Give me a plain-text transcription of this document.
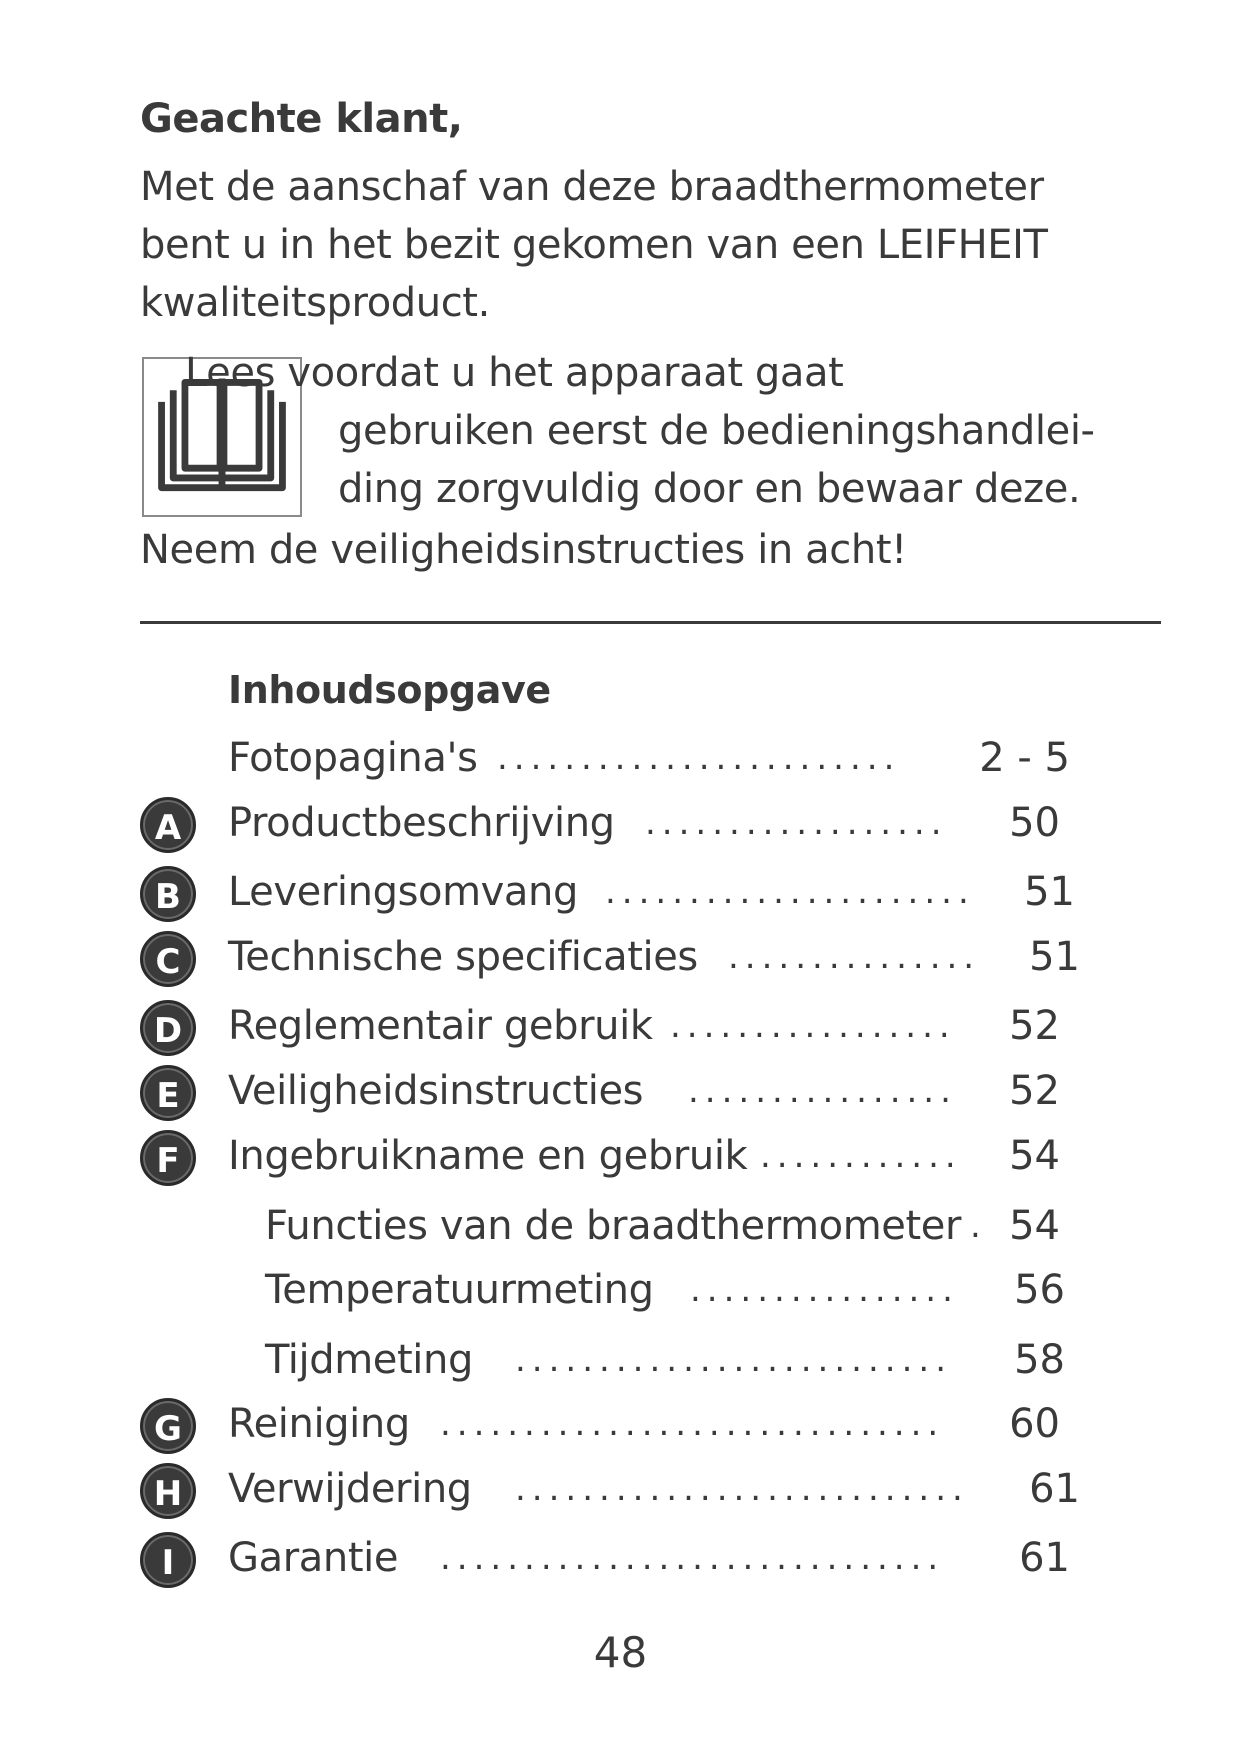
Geachte klant,
Met de aanschaf van deze braadthermometer
bent u in het bezit gekomen van een LEIFHEIT
kwaliteitsproduct.
Lees voordat u het apparaat gaat
gebruiken eerst de bedieningshandlei-
ding zorgvuldig door en bewaar deze.
Neem de veiligheidsinstructies in acht!
Inhoudsopgave
Fotopagina's ........................	2 - 5
A	Productbeschrijving ..................	50
B	Leveringsomvang ......................	51
C	Technische specificaties ...............	51
D	Reglementair gebruik .................	52
E	Veiligheidsinstructies ................	52
F	Ingebruikname en gebruik ............	54
Functies van de braadthermometer . 54
Temperatuurmeting ................	56
Tijdmeting ..........................	58
G	Reiniging ..............................	60
H	Verwijdering ...........................	61
I	Garantie ..............................	61
48
